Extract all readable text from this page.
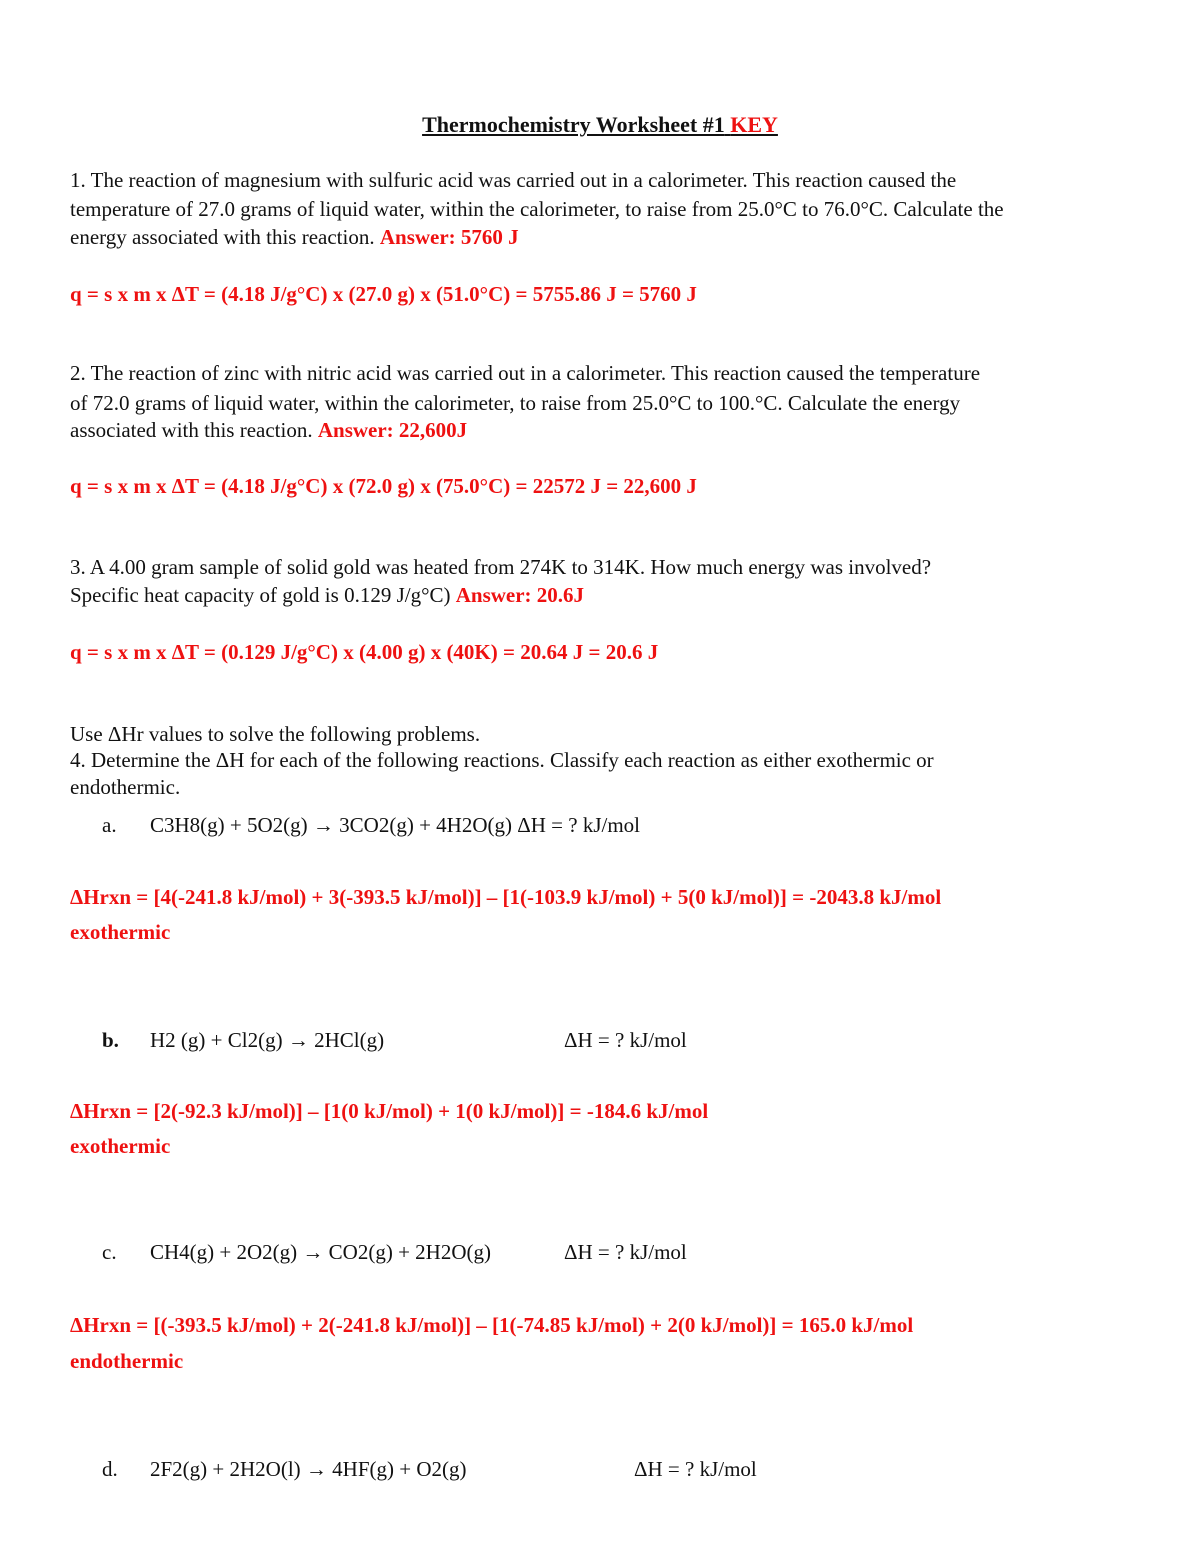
Thermochemistry Worksheet #1 KEY
1. The reaction of magnesium with sulfuric acid was carried out in a calorimeter. This reaction caused the
temperature of 27.0 grams of liquid water, within the calorimeter, to raise from 25.0°C to 76.0°C. Calculate the
energy associated with this reaction. Answer: 5760 J
q = s x m x ΔT = (4.18 J/g°C) x (27.0 g) x (51.0°C) = 5755.86 J = 5760 J
2. The reaction of zinc with nitric acid was carried out in a calorimeter. This reaction caused the temperature
of 72.0 grams of liquid water, within the calorimeter, to raise from 25.0°C to 100.°C. Calculate the energy
associated with this reaction. Answer: 22,600J
q = s x m x ΔT = (4.18 J/g°C) x (72.0 g) x (75.0°C) = 22572 J = 22,600 J
3. A 4.00 gram sample of solid gold was heated from 274K to 314K. How much energy was involved?
Specific heat capacity of gold is 0.129 J/g°C) Answer: 20.6J
q = s x m x ΔT = (0.129 J/g°C) x (4.00 g) x (40K) = 20.64 J = 20.6 J
Use ΔHr values to solve the following problems.
4. Determine the ΔH for each of the following reactions. Classify each reaction as either exothermic or
endothermic.
a. C3H8(g) + 5O2(g) → 3CO2(g) + 4H2O(g) ΔH = ? kJ/mol
ΔHrxn = [4(-241.8 kJ/mol) + 3(-393.5 kJ/mol)] – [1(-103.9 kJ/mol) + 5(0 kJ/mol)] = -2043.8 kJ/mol
exothermic
b. H2 (g) + Cl2(g) → 2HCl(g)	ΔH = ? kJ/mol
ΔHrxn = [2(-92.3 kJ/mol)] – [1(0 kJ/mol) + 1(0 kJ/mol)] = -184.6 kJ/mol
exothermic
c. CH4(g) + 2O2(g) → CO2(g) + 2H2O(g)	ΔH = ? kJ/mol
ΔHrxn = [(-393.5 kJ/mol) + 2(-241.8 kJ/mol)] – [1(-74.85 kJ/mol) + 2(0 kJ/mol)] = 165.0 kJ/mol
endothermic
d. 2F2(g) + 2H2O(l) → 4HF(g) + O2(g)	ΔH = ? kJ/mol
